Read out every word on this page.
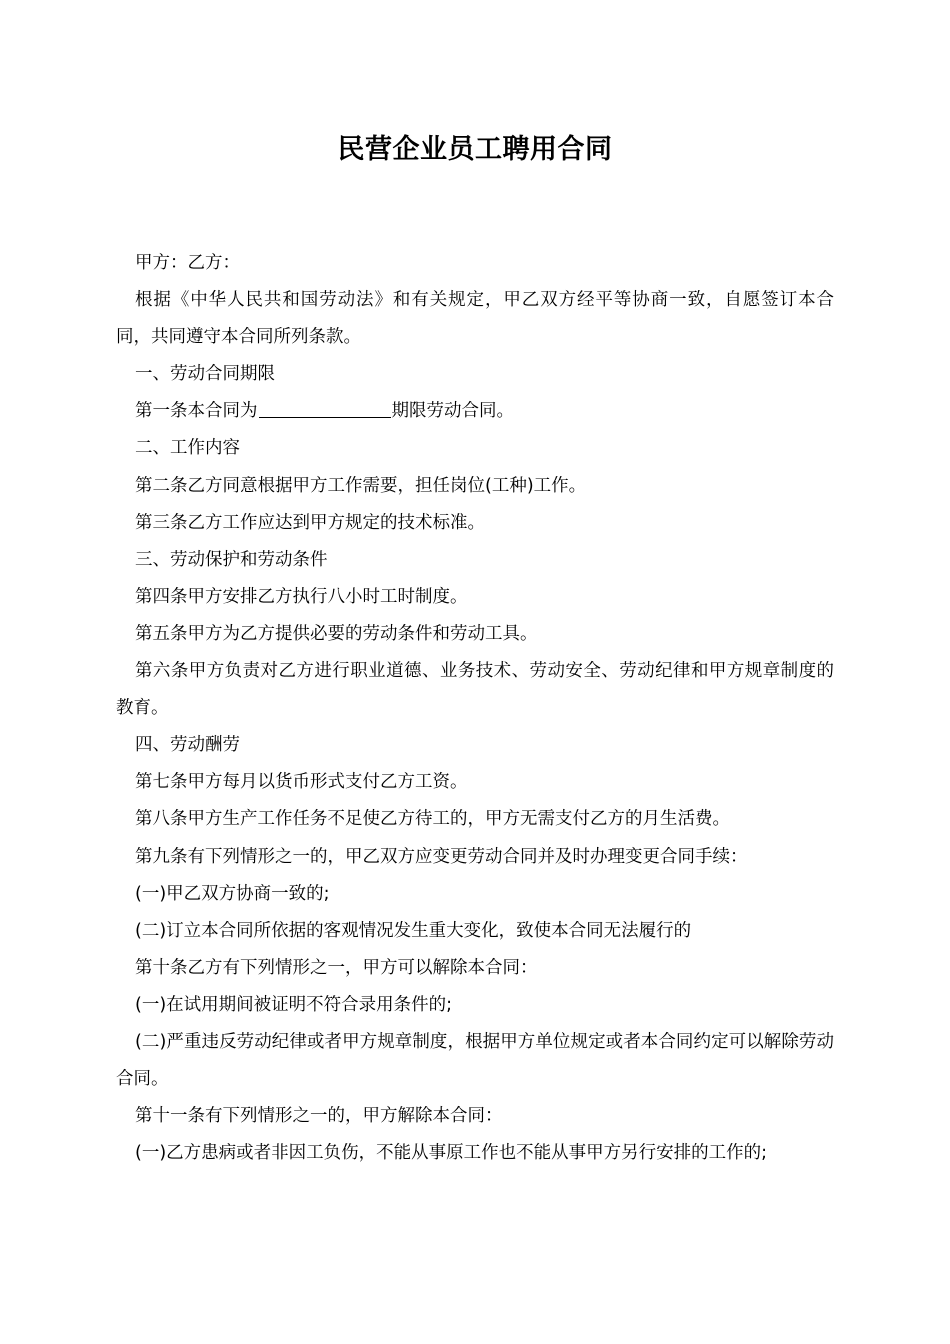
民营企业员工聘用合同

甲方：乙方：

根据《中华人民共和国劳动法》和有关规定，甲乙双方经平等协商一致，自愿签订本合同，共同遵守本合同所列条款。

一、劳动合同期限

第一条本合同为	期限劳动合同。

二、工作内容

第二条乙方同意根据甲方工作需要，担任岗位(工种)工作。

第三条乙方工作应达到甲方规定的技术标准。

三、劳动保护和劳动条件

第四条甲方安排乙方执行八小时工时制度。

第五条甲方为乙方提供必要的劳动条件和劳动工具。

第六条甲方负责对乙方进行职业道德、业务技术、劳动安全、劳动纪律和甲方规章制度的教育。

四、劳动酬劳

第七条甲方每月以货币形式支付乙方工资。

第八条甲方生产工作任务不足使乙方待工的，甲方无需支付乙方的月生活费。

第九条有下列情形之一的，甲乙双方应变更劳动合同并及时办理变更合同手续：

(一)甲乙双方协商一致的;

(二)订立本合同所依据的客观情况发生重大变化，致使本合同无法履行的

第十条乙方有下列情形之一，甲方可以解除本合同：

(一)在试用期间被证明不符合录用条件的;

(二)严重违反劳动纪律或者甲方规章制度，根据甲方单位规定或者本合同约定可以解除劳动合同。

第十一条有下列情形之一的，甲方解除本合同：

(一)乙方患病或者非因工负伤，不能从事原工作也不能从事甲方另行安排的工作的;
